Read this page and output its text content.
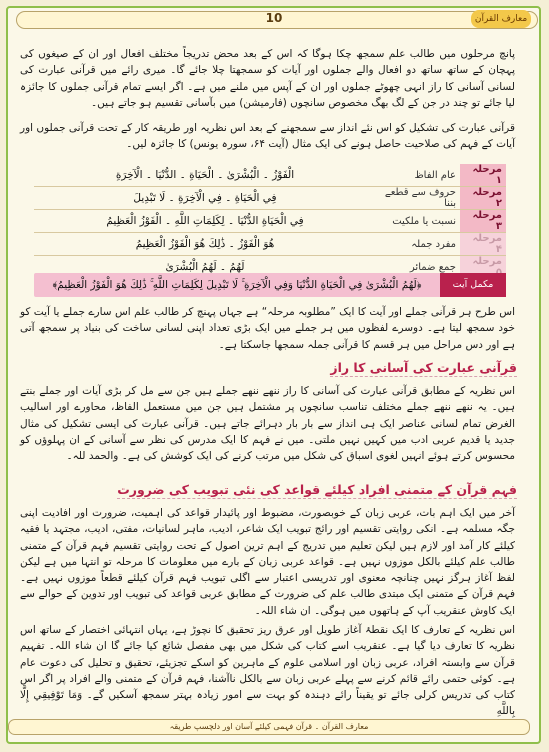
10	معارف القرآن
پانچ مرحلوں میں طالب علم سمجھ چکا ہوگا کہ اس کے بعد محض تدریجاً مختلف افعال اور ان کے صیغوں کی پہچان کے ساتھ ساتھ دو افعال والے جملوں اور آیات کو سمجھتا چلا جائے گا۔ میری رائے میں قرآنی عبارت کی لسانی آسانی کا راز انہی چھوٹے جملوں اور ان کے آپس میں ملنے میں ہے۔ اگر ایسے تمام قرآنی جملوں کا جائزہ لیا جائے تو چند در جن کے لگ بھگ مخصوص سانچوں (فارمیشن) میں بآسانی تقسیم ہو جاتے ہیں۔
قرآنی عبارت کی تشکیل کو اس نئے انداز سے سمجھنے کے بعد اس نظریہ اور طریقہ کار کے تحت قرآنی جملوں اور آیات کے فہم کی صلاحیت حاصل ہونے کی ایک مثال (آیت ۶۴، سورہ یونس) کا جائزہ لیں۔
مرحلہ ۱	عام الفاظ	الْفَوْزُ ۔ الْبُشْرَىٰ ۔ الْحَيَاةِ ۔ الدُّنْيَا ۔ الْآخِرَةِ
مرحلہ ۲	حروف سے قطعے بننا	فِي الْحَيَاةِ ۔ فِي الْآخِرَةِ ۔ لَا تَبْدِيلَ
مرحلہ ۳	نسبت یا ملکیت	فِي الْحَيَاةِ الدُّنْيَا ۔ لِكَلِمَاتِ اللَّهِ ۔ الْفَوْزُ الْعَظِيمُ
مرحلہ ۴	مفرد جملہ	هُوَ الْفَوْزُ ۔ ذَٰلِكَ هُوَ الْفَوْزُ الْعَظِيمُ
مرحلہ	جمع ضمائر	لَهُمُ ۔ لَهُمُ الْبُشْرَىٰ
مکمل آیت
﴿لَهُمُ الْبُشْرَىٰ فِي الْحَيَاةِ الدُّنْيَا وَفِي الْآخِرَةِ ۚ لَا تَبْدِيلَ لِكَلِمَاتِ اللَّهِ ۚ ذَٰلِكَ هُوَ الْفَوْزُ الْعَظِيمُ﴾
اس طرح ہر قرآنی جملے اور آیت کا ایک ”مطلوبہ مرحلہ“ ہے جہاں پہنچ کر طالب علم اس سارے جملے یا آیت کو خود سمجھ لیتا ہے۔ دوسرے لفظوں میں ہر جملے میں ایک بڑی تعداد اپنی لسانی ساخت کی بنیاد پر سمجھ آتی ہے اور دس مراحل میں ہر قسم کا قرآنی جملہ سمجھا جاسکتا ہے۔
قرآنی عبارت کی آسانی کا راز
اس نظریہ کے مطابق قرآنی عبارت کی آسانی کا راز ننھے ننھے جملے ہیں جن سے مل کر بڑی آیات اور جملے بنتے ہیں۔ یہ ننھے ننھے جملے مختلف تناسب سانچوں پر مشتمل ہیں جن میں مستعمل الفاظ، محاورے اور اسالیب الغرض تمام لسانی عناصر ایک ہی انداز سے بار بار دہرائے جاتے ہیں۔ قرآنی عبارت کی ایسی تشکیل کی مثال جدید یا قدیم عربی ادب میں کہیں نہیں ملتی۔ میں نے فہم کا ایک مدرس کی نظر سے آسانی کے ان پہلوؤں کو محسوس کرتے ہوئے انہیں لغوی اسباق کی شکل میں مرتب کرنے کی ایک کوشش کی ہے۔ والحمد للہ۔
فہم قرآن کے متمنی افراد کیلئے قواعد کی نئی تبویب کی ضرورت
آخر میں ایک اہم بات، عربی زبان کے خوبصورت، مضبوط اور پائیدار قواعد کی اہمیت، ضرورت اور افادیت اپنی جگہ مسلمہ ہے۔ انکی روایتی تقسیم اور رائج تبویب ایک شاعر، ادیب، ماہر لسانیات، مفتی، ادیب، مجتہد یا فقیہ کیلئے کار آمد اور لازم ہیں لیکن تعلیم میں تدریج کے اہم ترین اصول کے تحت روایتی تقسیم فہم قرآن کے متمنی طالب علم کیلئے بالکل موزوں نہیں ہے۔ قواعد عربی زبان کے بارے میں معلومات کا مرحلہ تو انتہا میں ہے لیکن لفظ آغاز ہرگز نہیں چنانچہ معنوی اور تدریسی اعتبار سے اگلی تبویب فہم قرآن کیلئے قطعاً موزوں نہیں ہے۔ فہم قرآن کے متمنی ایک مبتدی طالب علم کی ضرورت کے مطابق عربی قواعد کی تبویب اور تدوین کے حوالے سے ایک کاوش عنقریب آپ کے ہاتھوں میں ہوگی۔ ان شاء اللہ۔
اس نظریہ کے تعارف کا ایک نقطۂ آغاز طویل اور عرق ریز تحقیق کا نچوڑ ہے، یہاں انتہائی اختصار کے ساتھ اس نظریہ کا تعارف دیا گیا ہے۔ عنقریب اسے کتاب کی شکل میں بھی مفصل شائع کیا جائے گا ان شاء اللہ۔ تفہیم قرآن سے وابستہ افراد، عربی زبان اور اسلامی علوم کے ماہرین کو اسکے تجزیئے، تحقیق و تحلیل کی دعوت عام ہے۔ کوئی حتمی رائے قائم کرنے سے پہلے عربی زبان سے بالکل ناآشنا، فہم قرآن کے متمنی والے افراد پر اگر اس کتاب کی تدریس کرلی جائے تو یقیناً رائے دہندہ کو بہت سے امور زیادہ بہتر سمجھ آسکیں گے۔ وَمَا تَوْفِيقِي إِلَّا بِاللَّهِ
معارف القرآن ۔ قرآن فہمی کیلئے آسان اور دلچسپ طریقہ
